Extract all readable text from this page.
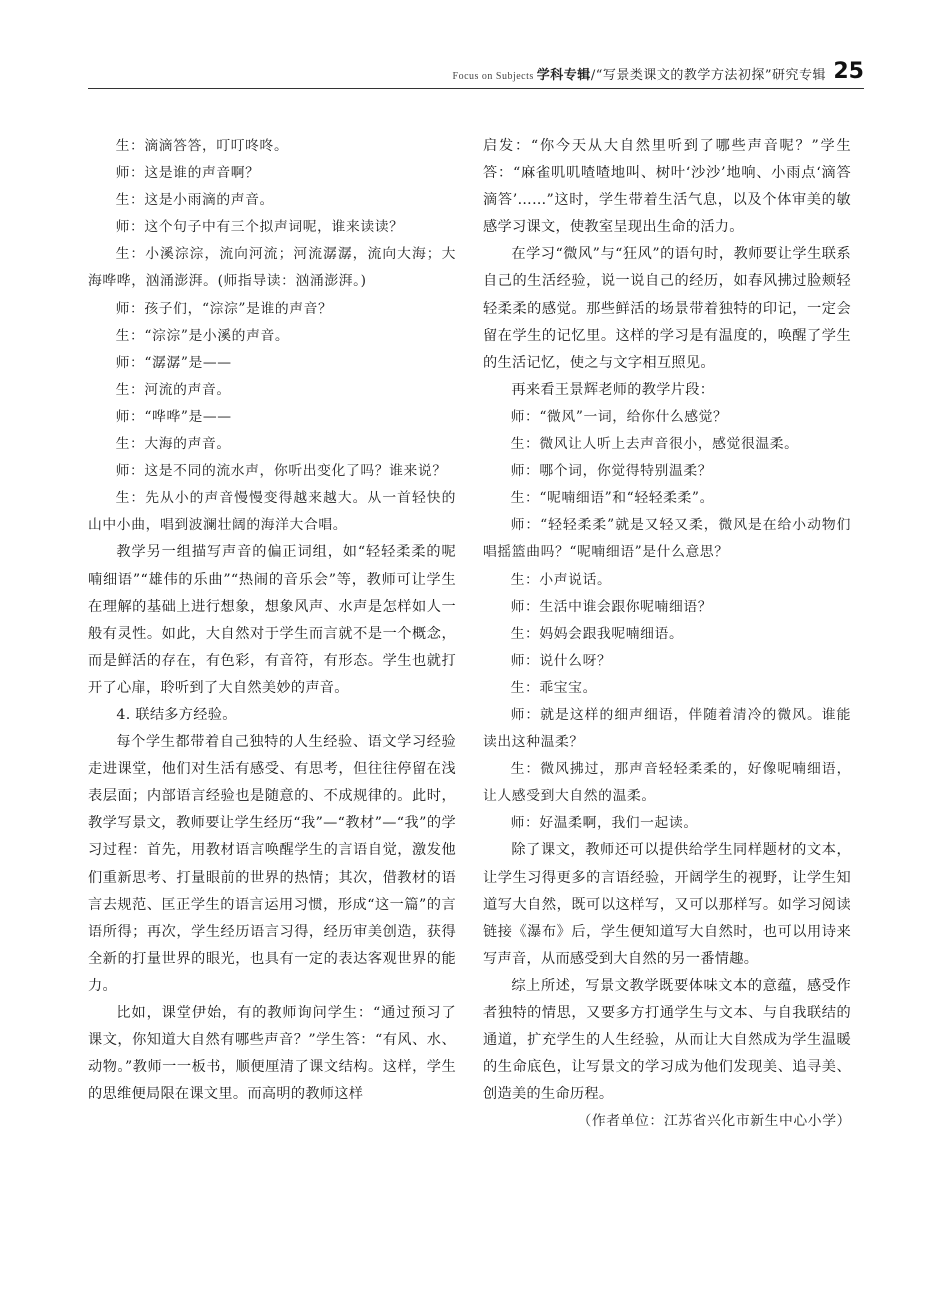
Focus on Subjects 学科专辑/“写景类课文的教学方法初探”研究专辑 25

生：滴滴答答，叮叮咚咚。

师：这是谁的声音啊？

生：这是小雨滴的声音。

师：这个句子中有三个拟声词呢，谁来读读？

生：小溪淙淙，流向河流；河流潺潺，流向大海；大海哗哗，汹涌澎湃。(师指导读：汹涌澎湃。)

师：孩子们，“淙淙”是谁的声音？

生：“淙淙”是小溪的声音。

师：“潺潺”是——

生：河流的声音。

师：“哗哗”是——

生：大海的声音。

师：这是不同的流水声，你听出变化了吗？谁来说？

生：先从小的声音慢慢变得越来越大。从一首轻快的山中小曲，唱到波澜壮阔的海洋大合唱。

教学另一组描写声音的偏正词组，如“轻轻柔柔的呢喃细语”“雄伟的乐曲”“热闹的音乐会”等，教师可让学生在理解的基础上进行想象，想象风声、水声是怎样如人一般有灵性。如此，大自然对于学生而言就不是一个概念，而是鲜活的存在，有色彩，有音符，有形态。学生也就打开了心扉，聆听到了大自然美妙的声音。

4. 联结多方经验。

每个学生都带着自己独特的人生经验、语文学习经验走进课堂，他们对生活有感受、有思考，但往往停留在浅表层面；内部语言经验也是随意的、不成规律的。此时，教学写景文，教师要让学生经历“我”—“教材”—“我”的学习过程：首先，用教材语言唤醒学生的言语自觉，激发他们重新思考、打量眼前的世界的热情；其次，借教材的语言去规范、匡正学生的语言运用习惯，形成“这一篇”的言语所得；再次，学生经历语言习得，经历审美创造，获得全新的打量世界的眼光，也具有一定的表达客观世界的能力。

比如，课堂伊始，有的教师询问学生：“通过预习了课文，你知道大自然有哪些声音？”学生答：“有风、水、动物。”教师一一板书，顺便厘清了课文结构。这样，学生的思维便局限在课文里。而高明的教师这样

启发：“你今天从大自然里听到了哪些声音呢？”学生答：“麻雀叽叽喳喳地叫、树叶‘沙沙’地响、小雨点‘滴答滴答’……”这时，学生带着生活气息，以及个体审美的敏感学习课文，使教室呈现出生命的活力。

在学习“微风”与“狂风”的语句时，教师要让学生联系自己的生活经验，说一说自己的经历，如春风拂过脸颊轻轻柔柔的感觉。那些鲜活的场景带着独特的印记，一定会留在学生的记忆里。这样的学习是有温度的，唤醒了学生的生活记忆，使之与文字相互照见。

再来看王景辉老师的教学片段：

师：“微风”一词，给你什么感觉？

生：微风让人听上去声音很小，感觉很温柔。

师：哪个词，你觉得特别温柔？

生：“呢喃细语”和“轻轻柔柔”。

师：“轻轻柔柔”就是又轻又柔，微风是在给小动物们唱摇篮曲吗？“呢喃细语”是什么意思？

生：小声说话。

师：生活中谁会跟你呢喃细语？

生：妈妈会跟我呢喃细语。

师：说什么呀？

生：乖宝宝。

师：就是这样的细声细语，伴随着清冷的微风。谁能读出这种温柔？

生：微风拂过，那声音轻轻柔柔的，好像呢喃细语，让人感受到大自然的温柔。

师：好温柔啊，我们一起读。

除了课文，教师还可以提供给学生同样题材的文本，让学生习得更多的言语经验，开阔学生的视野，让学生知道写大自然，既可以这样写，又可以那样写。如学习阅读链接《瀑布》后，学生便知道写大自然时，也可以用诗来写声音，从而感受到大自然的另一番情趣。

综上所述，写景文教学既要体味文本的意蕴，感受作者独特的情思，又要多方打通学生与文本、与自我联结的通道，扩充学生的人生经验，从而让大自然成为学生温暖的生命底色，让写景文的学习成为他们发现美、追寻美、创造美的生命历程。

（作者单位：江苏省兴化市新生中心小学）
